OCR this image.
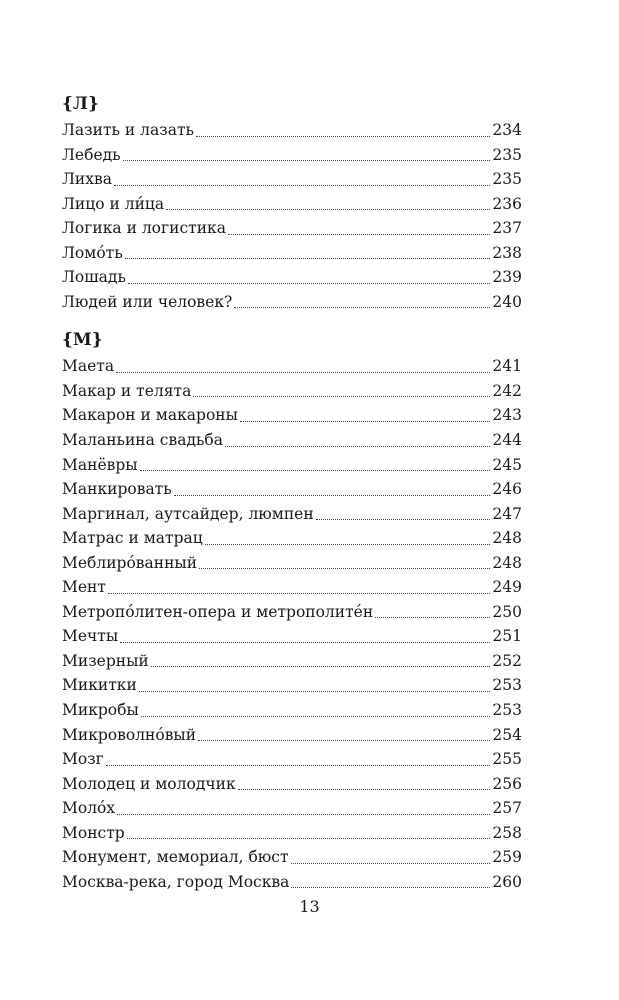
{Л}
Лазить и лазать	234
Лебедь	235
Лихва	235
Лицо и ли́ца	236
Логика и логистика	237
Ломо́ть	238
Лошадь	239
Людей или человек?	240
{М}
Маета	241
Макар и телята	242
Макарон и макароны	243
Маланьина свадьба	244
Манёвры	245
Манкировать	246
Маргинал, аутсайдер, люмпен	247
Матрас и матрац	248
Меблиро́ванный	248
Мент	249
Метропо́литен-опера и метрополите́н	250
Мечты	251
Мизерный	252
Микитки	253
Микробы	253
Микроволно́вый	254
Мозг	255
Молодец и молодчик	256
Моло́х	257
Монстр	258
Монумент, мемориал, бюст	259
Москва-река, город Москва	260
13
